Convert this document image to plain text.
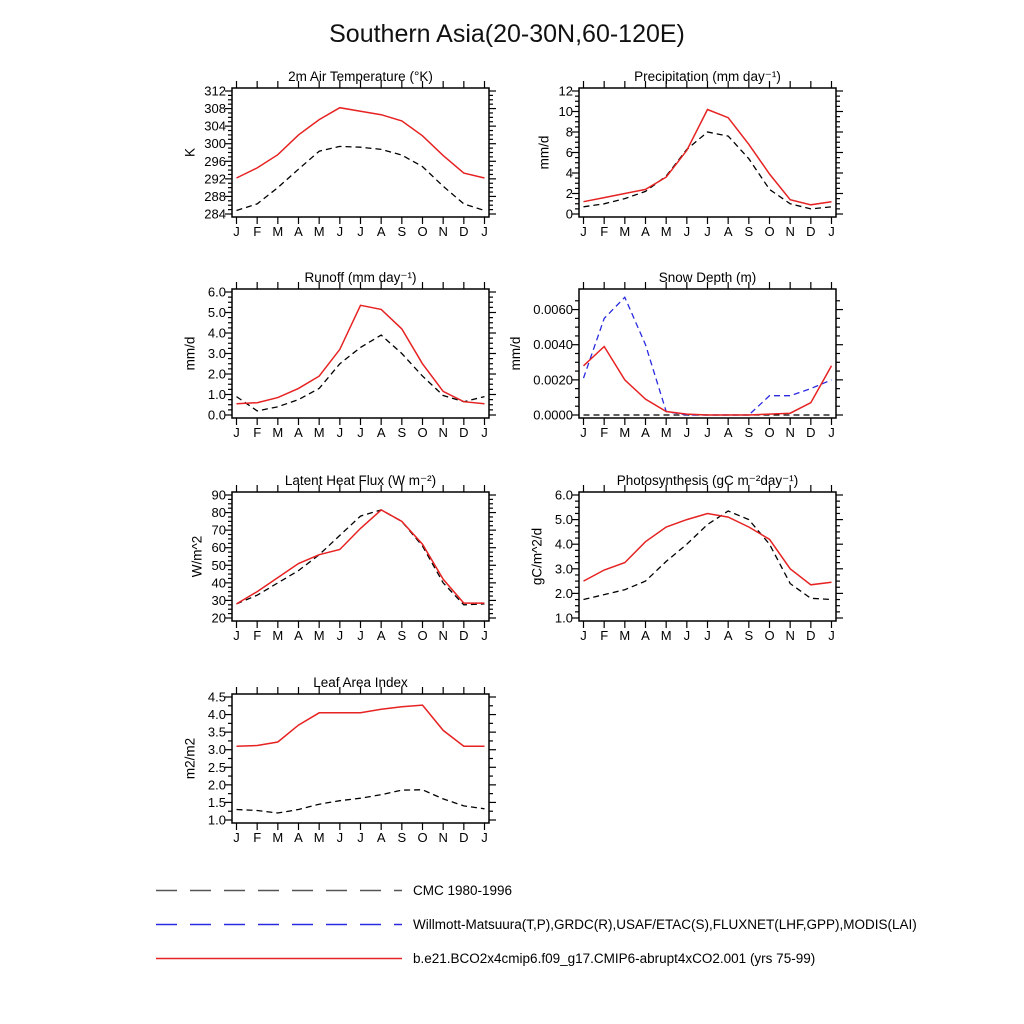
Southern Asia(20-30N,60-120E)
2m Air Temperature (°K)
K
284
288
292
296
300
304
308
312
J F M A M J J A S O N D J
Precipitation (mm day⁻¹)
mm/d
0
2
4
6
8
10
12
J F M A M J J A S O N D J
Runoff (mm day⁻¹)
mm/d
0.0
1.0
2.0
3.0
4.0
5.0
6.0
J F M A M J J A S O N D J
Snow Depth (m)
mm/d
0.0000
0.0020
0.0040
0.0060
J F M A M J J A S O N D J
Latent Heat Flux (W m⁻²)
W/m^2
20
30
40
50
60
70
80
90
J F M A M J J A S O N D J
Photosynthesis (gC m⁻²day⁻¹)
gC/m^2/d
1.0
2.0
3.0
4.0
5.0
6.0
J F M A M J J A S O N D J
Leaf Area Index
m2/m2
1.0
1.5
2.0
2.5
3.0
3.5
4.0
4.5
J F M A M J J A S O N D J
CMC 1980-1996
Willmott-Matsuura(T,P),GRDC(R),USAF/ETAC(S),FLUXNET(LHF,GPP),MODIS(LAI)
b.e21.BCO2x4cmip6.f09_g17.CMIP6-abrupt4xCO2.001 (yrs 75-99)
